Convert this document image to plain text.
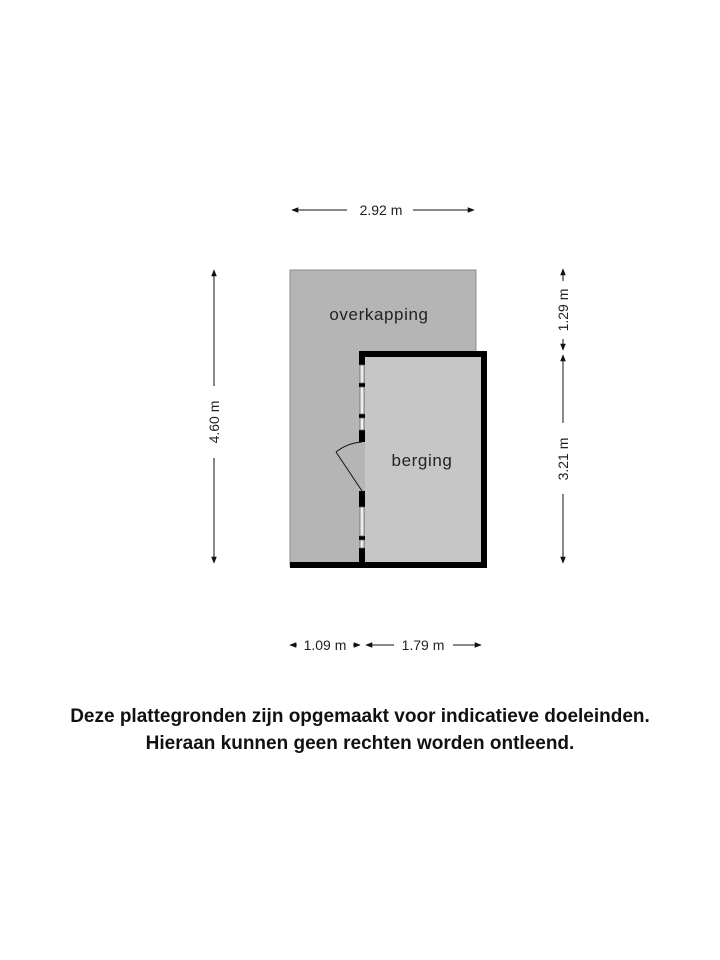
overkapping
berging
2.92 m
4.60 m
1.29 m
3.21 m
1.09 m	1.79 m
Deze plattegronden zijn opgemaakt voor indicatieve doeleinden.
Hieraan kunnen geen rechten worden ontleend.
